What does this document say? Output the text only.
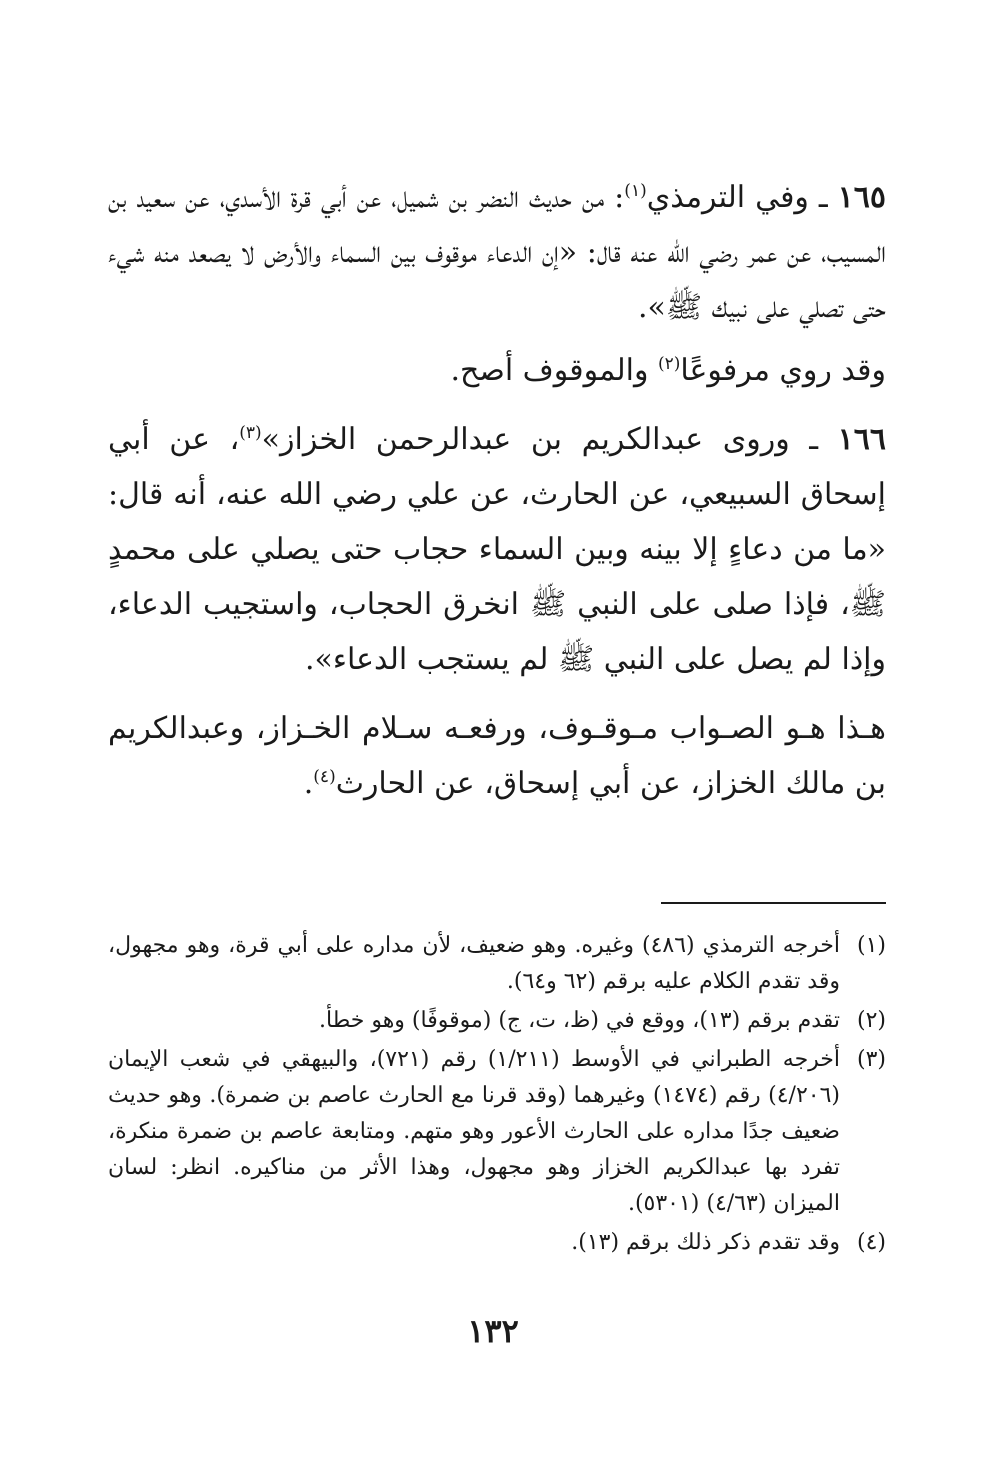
١٦٥ ـ وفي الترمذي$^{(١)}$: من حديث النضر بن شميل، عن أبي قرة الأسدي، عن سعيد بن المسيب، عن عمر رضي الله عنه قال: «إن الدعاء موقوف بين السماء والأرض لا يصعد منه شيء حتى تصلي على نبيك ﷺ».

وقد روي مرفوعًا$^{(٢)}$ والموقوف أصح.

١٦٦ ـ وروى عبدالكريم بن عبدالرحمن الخزاز»$^{(٣)}$، عن أبي إسحاق السبيعي، عن الحارث، عن علي رضي الله عنه، أنه قال: «ما من دعاءٍ إلا بينه وبين السماء حجاب حتى يصلي على محمدٍ ﷺ، فإذا صلى على النبي ﷺ انخرق الحجاب، واستجيب الدعاء، وإذا لم يصل على النبي ﷺ لم يستجب الدعاء».

هـذا هـو الصـواب مـوقـوف، ورفعـه سـلام الخـزاز، وعبدالكريم بن مالك الخزاز، عن أبي إسحاق، عن الحارث$^{(٤)}$.

(١)
أخرجه الترمذي (٤٨٦) وغيره. وهو ضعيف، لأن مداره على أبي قرة، وهو مجهول، وقد تقدم الكلام عليه برقم (٦٢ و٦٤).
(٢)
تقدم برقم (١٣)، ووقع في (ظ، ت، ج) (موقوفًا) وهو خطأ.
(٣)
أخرجه الطبراني في الأوسط (١/٢١١) رقم (٧٢١)، والبيهقي في شعب الإيمان (٤/٢٠٦) رقم (١٤٧٤) وغيرهما (وقد قرنا مع الحارث عاصم بن ضمرة). وهو حديث ضعيف جدًا مداره على الحارث الأعور وهو متهم. ومتابعة عاصم بن ضمرة منكرة، تفرد بها عبدالكريم الخزاز وهو مجهول، وهذا الأثر من مناكيره. انظر: لسان الميزان (٤/٦٣) (٥٣٠١).
(٤)
وقد تقدم ذكر ذلك برقم (١٣).
١٣٢
